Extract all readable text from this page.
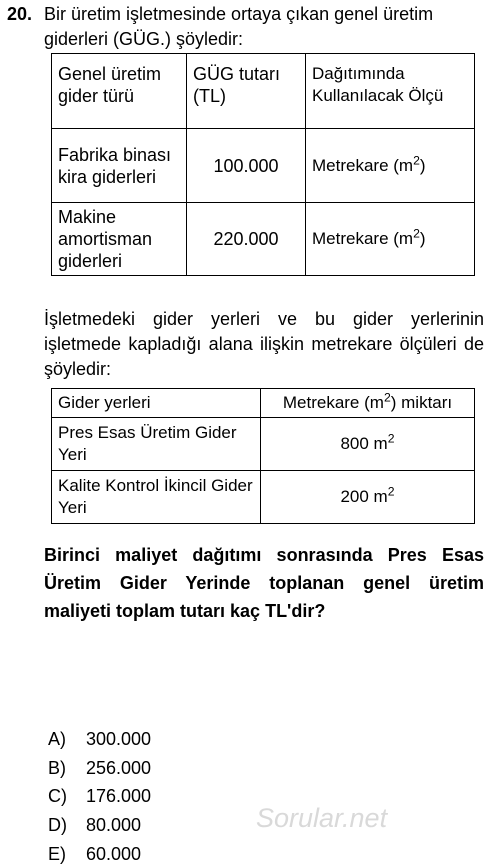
20. Bir üretim işletmesinde ortaya çıkan genel üretim giderleri (GÜG.) şöyledir:
Genel üretim gider türü	GÜG tutarı (TL)	Dağıtımında Kullanılacak Ölçü
Fabrika binası kira giderleri	100.000	Metrekare $(m^2)$
Makine amortisman giderleri	220.000	Metrekare $(m^2)$
İşletmedeki gider yerleri ve bu gider yerlerinin işletmede kapladığı alana ilişkin metrekare ölçüleri de şöyledir:
Gider yerleri	Metrekare $(m^2)$ miktarı
Pres Esas Üretim Gider Yeri	800 $m^2$
Kalite Kontrol İkincil Gider Yeri	200 $m^2$
Birinci maliyet dağıtımı sonrasında Pres Esas Üretim Gider Yerinde toplanan genel üretim maliyeti toplam tutarı kaç TL'dir?
A) 300.000
B) 256.000
C) 176.000
D) 80.000
E) 60.000
Sorular.net
